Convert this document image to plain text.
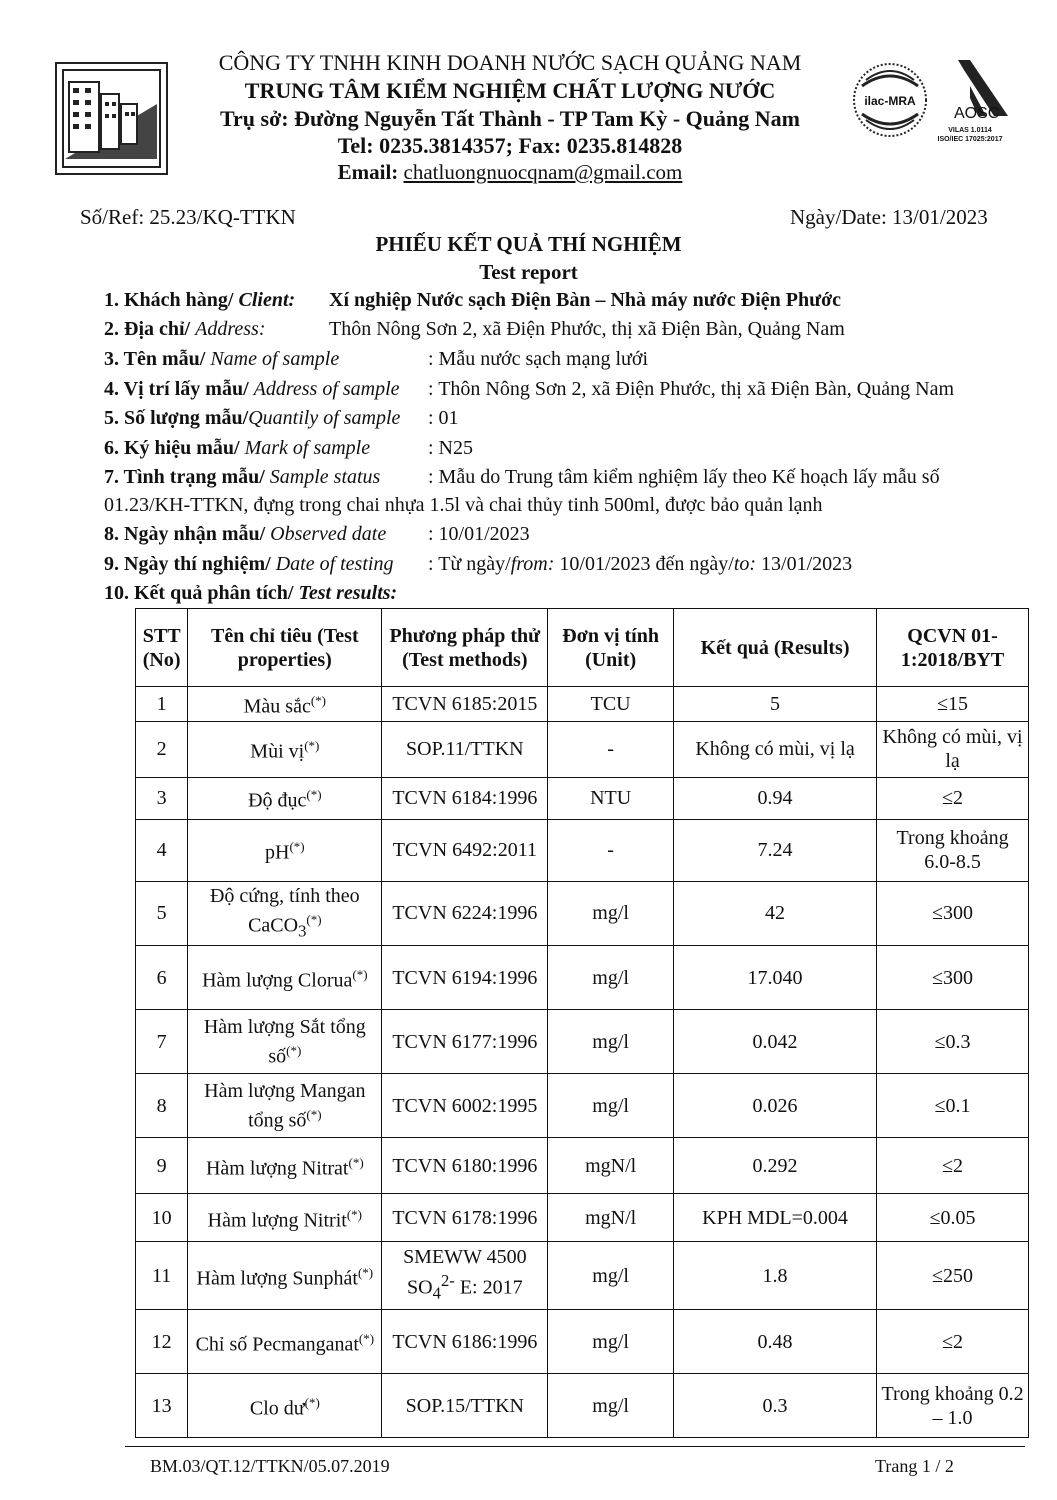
CÔNG TY TNHH KINH DOANH NƯỚC SẠCH QUẢNG NAM
TRUNG TÂM KIỂM NGHIỆM CHẤT LƯỢNG NƯỚC
Trụ sở: Đường Nguyễn Tất Thành - TP Tam Kỳ - Quảng Nam
Tel: 0235.3814357; Fax: 0235.814828
Email: chatluongnuocqnam@gmail.com
ilac-MRA
AOSC
VILAS 1.0114
ISO/IEC 17025:2017
Số/Ref: 25.23/KQ-TTKN	Ngày/Date: 13/01/2023
PHIẾU KẾT QUẢ THÍ NGHIỆM
Test report
1. Khách hàng/ Client: Xí nghiệp Nước sạch Điện Bàn – Nhà máy nước Điện Phước
2. Địa chỉ/ Address:	Thôn Nông Sơn 2, xã Điện Phước, thị xã Điện Bàn, Quảng Nam
3. Tên mẫu/ Name of sample	: Mẫu nước sạch mạng lưới
4. Vị trí lấy mẫu/ Address of sample : Thôn Nông Sơn 2, xã Điện Phước, thị xã Điện Bàn, Quảng Nam
5. Số lượng mẫu/Quantily of sample : 01
6. Ký hiệu mẫu/ Mark of sample	: N25
7. Tình trạng mẫu/ Sample status : Mẫu do Trung tâm kiểm nghiệm lấy theo Kế hoạch lấy mẫu số
01.23/KH-TTKN, đựng trong chai nhựa 1.5l và chai thủy tinh 500ml, được bảo quản lạnh
8. Ngày nhận mẫu/ Observed date : 10/01/2023
9. Ngày thí nghiệm/ Date of testing : Từ ngày/from: 10/01/2023 đến ngày/to: 13/01/2023
10. Kết quả phân tích/ Test results:
STT (No)	Tên chỉ tiêu (Test properties)	Phương pháp thử (Test methods)	Đơn vị tính (Unit)	Kết quả (Results)	QCVN 01-1:2018/BYT
1	Màu sắc(*)	TCVN 6185:2015	TCU	5	≤15
2	Mùi vị(*)	SOP.11/TTKN	-	Không có mùi, vị lạ	Không có mùi, vị lạ
3	Độ đục(*)	TCVN 6184:1996	NTU	0.94	≤2
4	pH(*)	TCVN 6492:2011	-	7.24	Trong khoảng 6.0-8.5
5	Độ cứng, tính theo CaCO$_3$(*)	TCVN 6224:1996	mg/l	42	≤300
6	Hàm lượng Clorua(*)	TCVN 6194:1996	mg/l	17.040	≤300
7	Hàm lượng Sắt tổng số(*)	TCVN 6177:1996	mg/l	0.042	≤0.3
8	Hàm lượng Mangan tổng số(*)	TCVN 6002:1995	mg/l	0.026	≤0.1
9	Hàm lượng Nitrat(*)	TCVN 6180:1996	mgN/l	0.292	≤2
10	Hàm lượng Nitrit(*)	TCVN 6178:1996	mgN/l	KPH MDL=0.004	≤0.05
11	Hàm lượng Sunphát(*)	SMEWW 4500 $SO_4^{2-}$ E: 2017	mg/l	1.8	≤250
12	Chỉ số Pecmanganat(*)	TCVN 6186:1996	mg/l	0.48	≤2
13	Clo dư(*)	SOP.15/TTKN	mg/l	0.3	Trong khoảng 0.2 – 1.0
BM.03/QT.12/TTKN/05.07.2019	Trang 1 / 2
